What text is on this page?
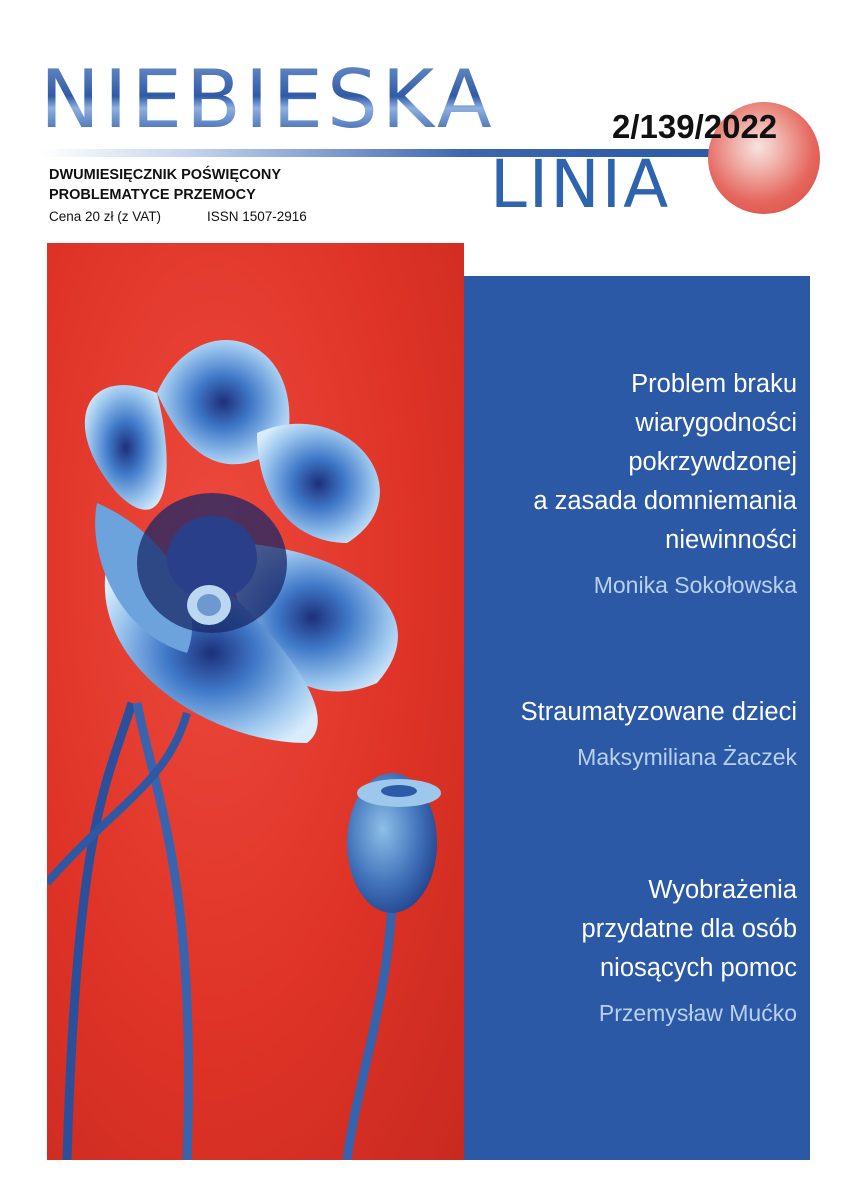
NIEBIESKA	2/139/2022
LINIA
DWUMIESIĘCZNIK POŚWIĘCONY
PROBLEMATYCE PRZEMOCY
Cena 20 zł (z VAT)	ISSN 1507-2916
Problem braku
wiarygodności
pokrzywdzonej
a zasada domniemania
niewinności
Monika Sokołowska
Straumatyzowane dzieci
Maksymiliana Żaczek
Wyobrażenia
przydatne dla osób
niosących pomoc
Przemysław Mućko
